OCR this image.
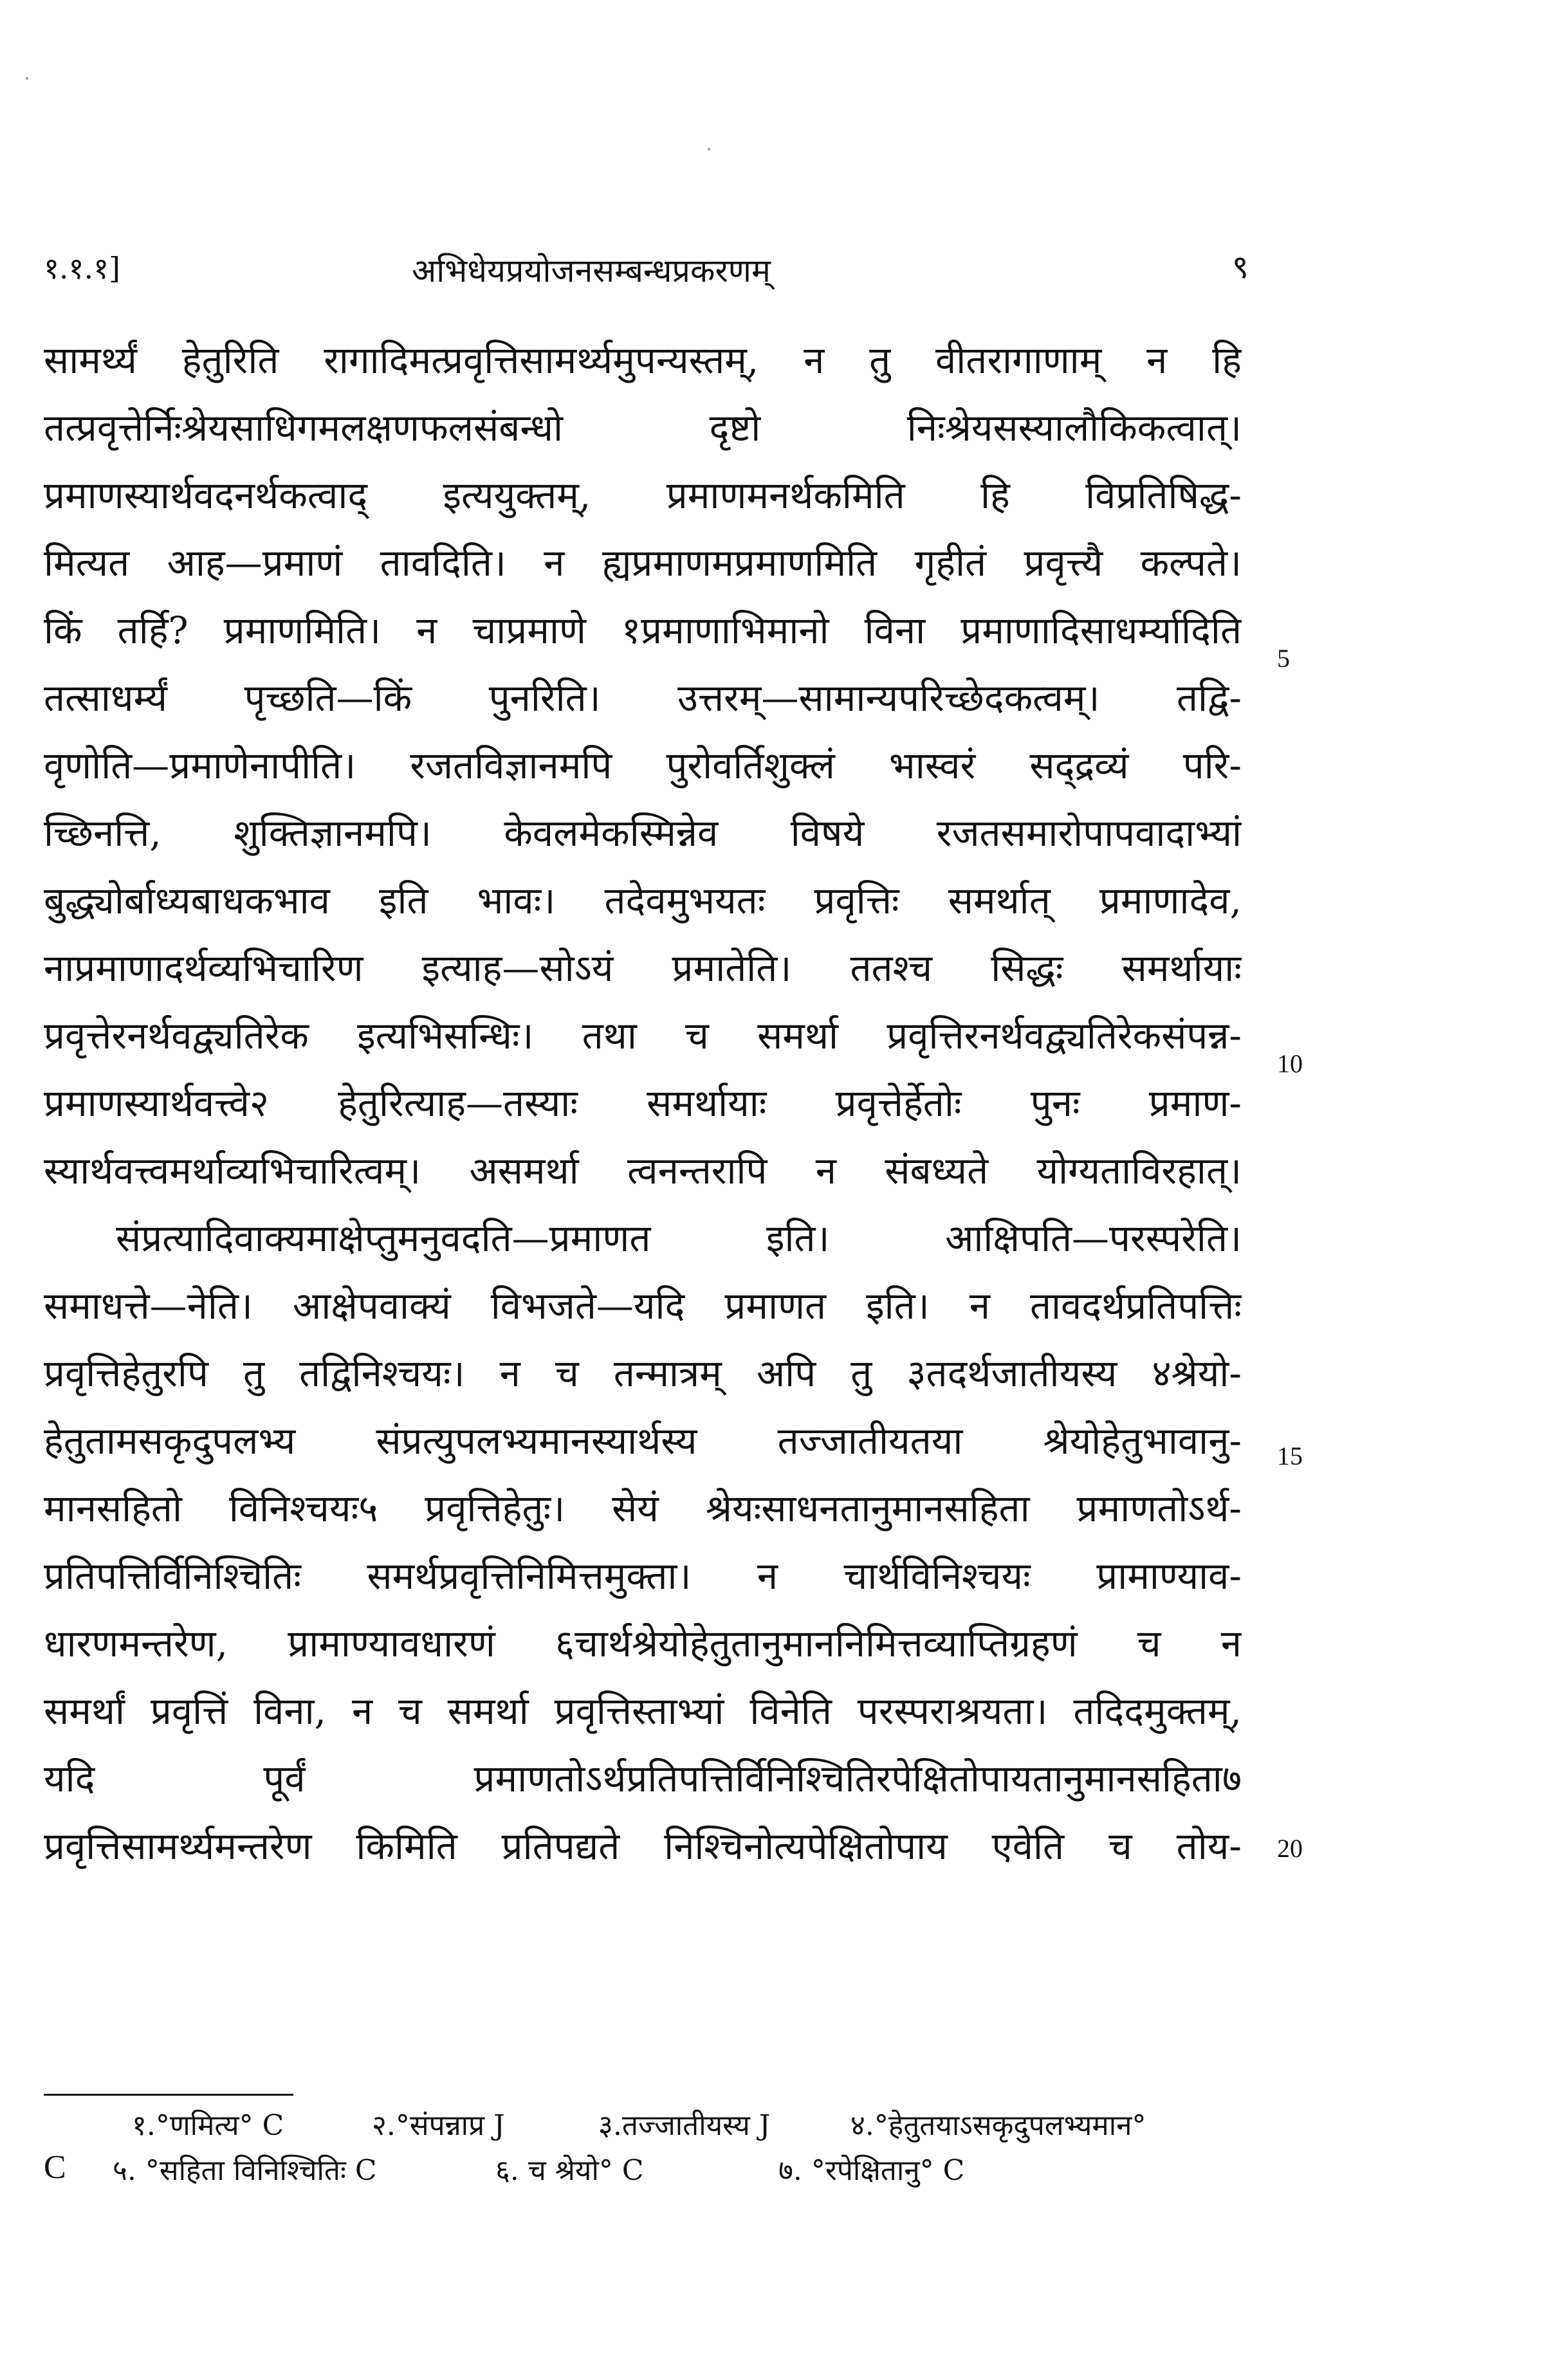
१.१.१]	अभिधेयप्रयोजनसम्बन्धप्रकरणम्	९
सामर्थ्यं हेतुरिति रागादिमत्प्रवृत्तिसामर्थ्यमुपन्यस्तम्, न तु वीतरागाणाम् न हि
तत्प्रवृत्तेर्निःश्रेयसाधिगमलक्षणफलसंबन्धो दृष्टो निःश्रेयसस्यालौकिकत्वात्।
प्रमाणस्यार्थवदनर्थकत्वाद् इत्ययुक्तम्, प्रमाणमनर्थकमिति हि विप्रतिषिद्ध-
मित्यत आह—प्रमाणं तावदिति। न ह्यप्रमाणमप्रमाणमिति गृहीतं प्रवृत्त्यै कल्पते।
किं तर्हि? प्रमाणमिति। न चाप्रमाणे १प्रमाणाभिमानो विना प्रमाणादिसाधर्म्यादिति
तत्साधर्म्यं पृच्छति—किं पुनरिति। उत्तरम्—सामान्यपरिच्छेदकत्वम्। तद्वि-
वृणोति—प्रमाणेनापीति। रजतविज्ञानमपि पुरोवर्तिशुक्लं भास्वरं सद्द्रव्यं परि-
च्छिनत्ति, शुक्तिज्ञानमपि। केवलमेकस्मिन्नेव विषये रजतसमारोपापवादाभ्यां
बुद्ध्योर्बाध्यबाधकभाव इति भावः। तदेवमुभयतः प्रवृत्तिः समर्थात् प्रमाणादेव,
नाप्रमाणादर्थव्यभिचारिण इत्याह—सोऽयं प्रमातेति। ततश्च सिद्धः समर्थायाः
प्रवृत्तेरनर्थवद्व्यतिरेक इत्यभिसन्धिः। तथा च समर्था प्रवृत्तिरनर्थवद्व्यतिरेकसंपन्न-
प्रमाणस्यार्थवत्त्वे२ हेतुरित्याह—तस्याः समर्थायाः प्रवृत्तेर्हेतोः पुनः प्रमाण-
स्यार्थवत्त्वमर्थाव्यभिचारित्वम्। असमर्था त्वनन्तरापि न संबध्यते योग्यताविरहात्।
संप्रत्यादिवाक्यमाक्षेप्तुमनुवदति—प्रमाणत इति। आक्षिपति—परस्परेति।
समाधत्ते—नेति। आक्षेपवाक्यं विभजते—यदि प्रमाणत इति। न तावदर्थप्रतिपत्तिः
प्रवृत्तिहेतुरपि तु तद्विनिश्चयः। न च तन्मात्रम् अपि तु ३तदर्थजातीयस्य ४श्रेयो-
हेतुतामसकृदुपलभ्य संप्रत्युपलभ्यमानस्यार्थस्य तज्जातीयतया श्रेयोहेतुभावानु-
मानसहितो विनिश्चयः५ प्रवृत्तिहेतुः। सेयं श्रेयःसाधनतानुमानसहिता प्रमाणतोऽर्थ-
प्रतिपत्तिर्विनिश्चितिः समर्थप्रवृत्तिनिमित्तमुक्ता। न चार्थविनिश्चयः प्रामाण्याव-
धारणमन्तरेण, प्रामाण्यावधारणं ६चार्थश्रेयोहेतुतानुमाननिमित्तव्याप्तिग्रहणं च न
समर्थां प्रवृत्तिं विना, न च समर्था प्रवृत्तिस्ताभ्यां विनेति परस्पराश्रयता। तदिदमुक्तम्,
यदि पूर्वं प्रमाणतोऽर्थप्रतिपत्तिर्विनिश्चितिरपेक्षितोपायतानुमानसहिता७
प्रवृत्तिसामर्थ्यमन्तरेण किमिति प्रतिपद्यते निश्चिनोत्यपेक्षितोपाय एवेति च तोय-
5
10
15
20
१.°णमित्य° C	२.°संपन्नाप्र J	३.तज्जातीयस्य J	४.°हेतुतयाऽसकृदुपलभ्यमान°
C ५. °सहिता विनिश्चितिः C	६. च श्रेयो° C	७. °रपेक्षितानु° C
